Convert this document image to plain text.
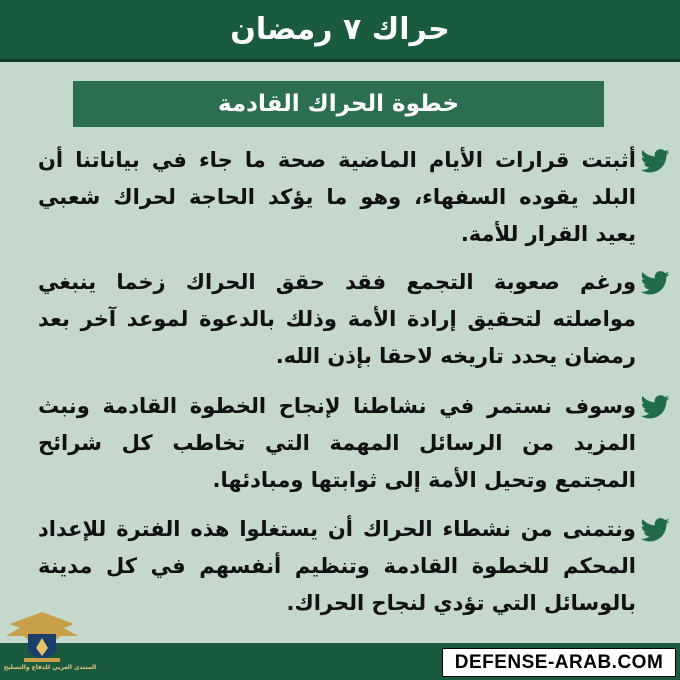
حراك ٧ رمضان
خطوة الحراك القادمة
أثبتت قرارات الأيام الماضية صحة ما جاء في بياناتنا أن البلد يقوده السفهاء، وهو ما يؤكد الحاجة لحراك شعبي يعيد القرار للأمة.
ورغم صعوبة التجمع فقد حقق الحراك زخما ينبغي مواصلته لتحقيق إرادة الأمة وذلك بالدعوة لموعد آخر بعد رمضان يحدد تاريخه لاحقا بإذن الله.
وسوف نستمر في نشاطنا لإنجاح الخطوة القادمة ونبث المزيد من الرسائل المهمة التي تخاطب كل شرائح المجتمع وتحيل الأمة إلى ثوابتها ومبادئها.
ونتمنى من نشطاء الحراك أن يستغلوا هذه الفترة للإعداد المحكم للخطوة القادمة وتنظيم أنفسهم في كل مدينة بالوسائل التي تؤدي لنجاح الحراك.
المنتدى العربي للدفاع والتسليح	DEFENSE-ARAB.COM
